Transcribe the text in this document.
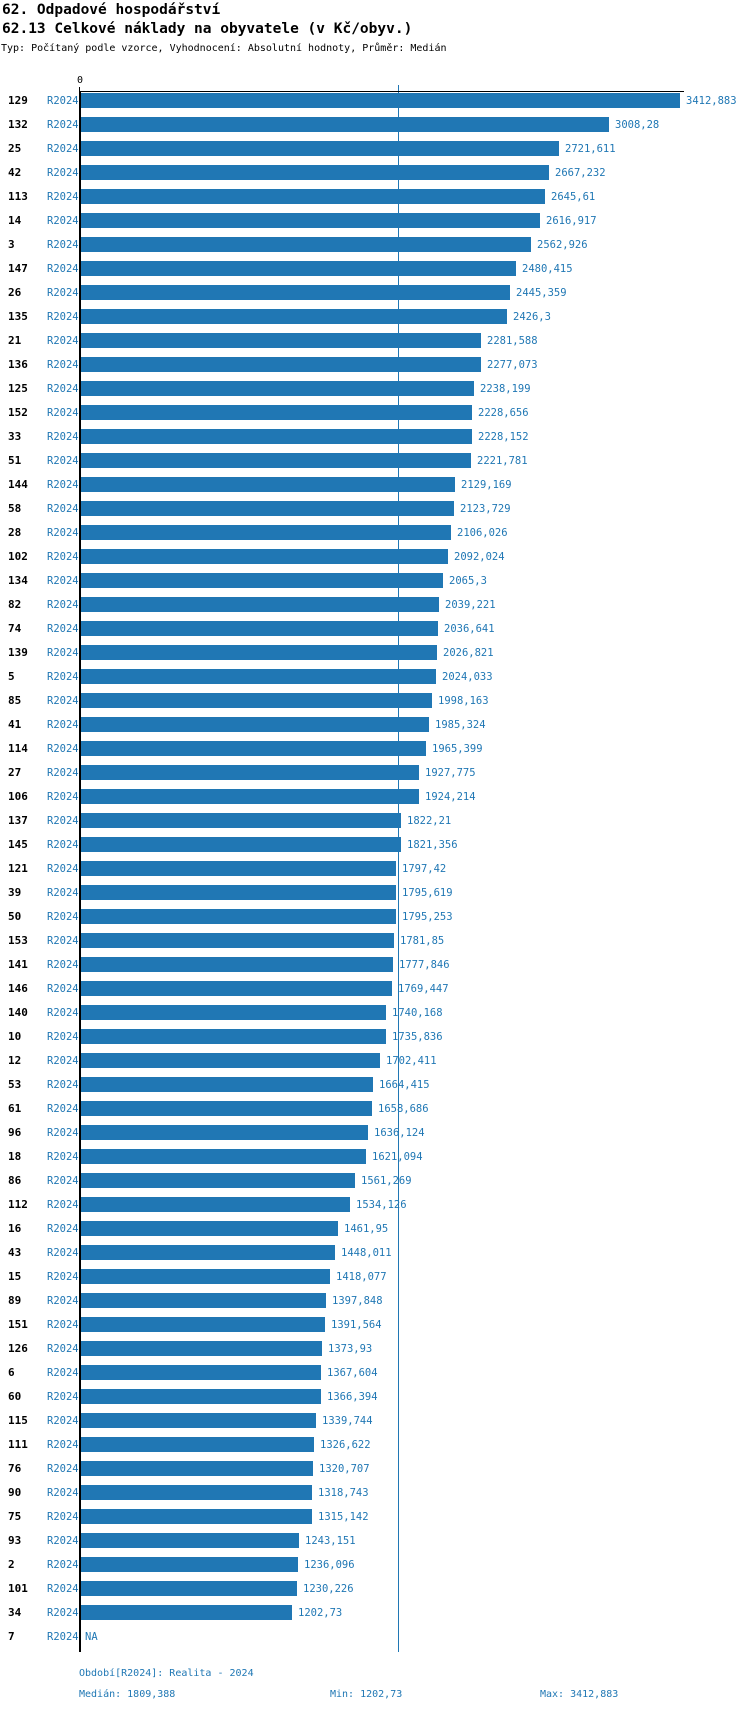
62. Odpadové hospodářství
62.13 Celkové náklady na obyvatele (v Kč/obyv.)
Typ: Počítaný podle vzorce, Vyhodnocení: Absolutní hodnoty, Průměr: Medián
0
129 R2024	3412,883
132 R2024	3008,28
25 R2024	2721,611
42 R2024	2667,232
113 R2024	2645,61
14 R2024	2616,917
3	R2024	2562,926
147 R2024	2480,415
26 R2024	2445,359
135 R2024	2426,3
21 R2024	2281,588
136 R2024	2277,073
125 R2024	2238,199
152 R2024	2228,656
33 R2024	2228,152
51 R2024	2221,781
144 R2024	2129,169
58 R2024	2123,729
28 R2024	2106,026
102 R2024	2092,024
134 R2024	2065,3
82 R2024	2039,221
74 R2024	2036,641
139 R2024	2026,821
5	R2024	2024,033
85 R2024	1998,163
41 R2024	1985,324
114 R2024	1965,399
27 R2024	1927,775
106 R2024	1924,214
137 R2024	1822,21
145 R2024	1821,356
121 R2024	1797,42
39 R2024	1795,619
50 R2024	1795,253
153 R2024	1781,85
141 R2024	1777,846
146 R2024	1769,447
140 R2024	1740,168
10 R2024	1735,836
12 R2024	1702,411
53 R2024	1664,415
61 R2024	1658,686
96 R2024	1636,124
18 R2024	1621,094
86 R2024	1561,269
112 R2024	1534,126
16 R2024	1461,95
43 R2024	1448,011
15 R2024	1418,077
89 R2024	1397,848
151 R2024	1391,564
126 R2024	1373,93
6	R2024	1367,604
60 R2024	1366,394
115 R2024	1339,744
111 R2024	1326,622
76 R2024	1320,707
90 R2024	1318,743
75 R2024	1315,142
93 R2024	1243,151
2	R2024	1236,096
101 R2024	1230,226
34 R2024	1202,73
7	R2024 NA
Období[R2024]: Realita - 2024
Medián: 1809,388	Min: 1202,73	Max: 3412,883
